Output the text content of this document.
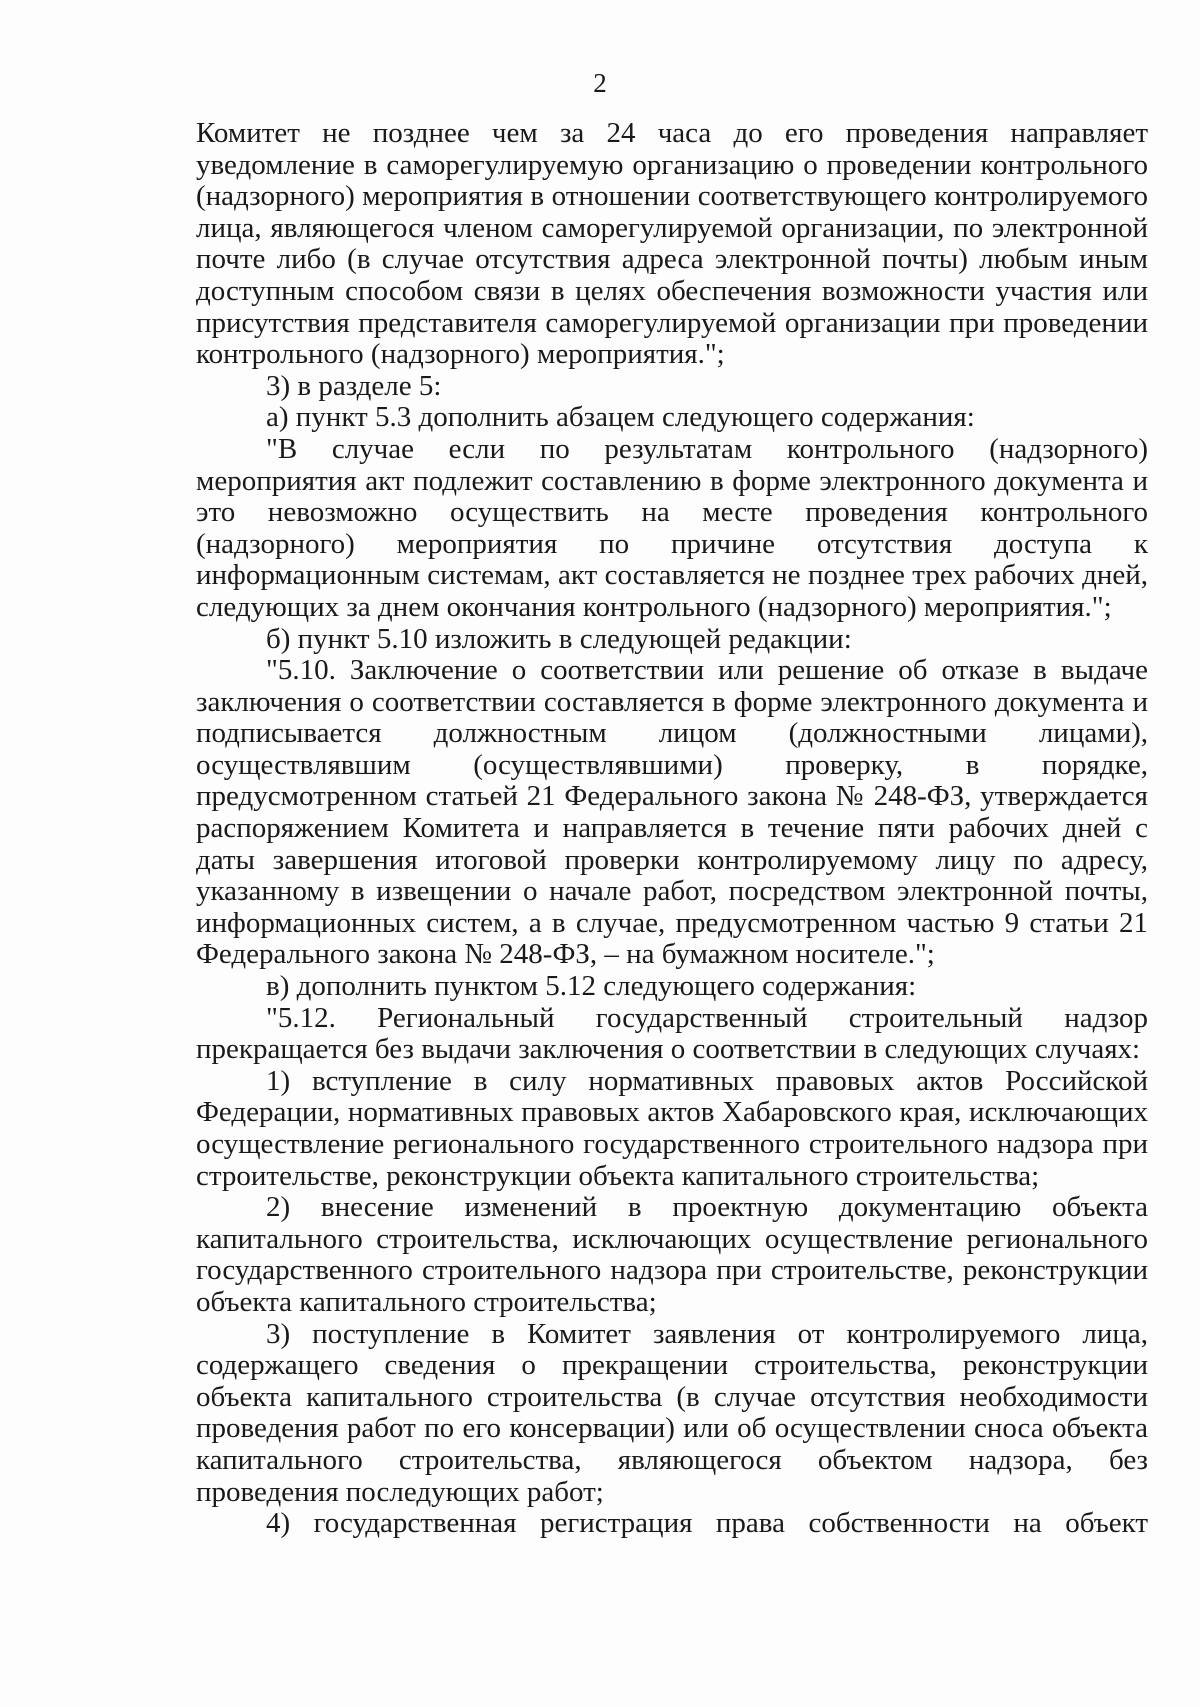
2

Комитет не позднее чем за 24 часа до его проведения направляет уведомление в саморегулируемую организацию о проведении контрольного (надзорного) мероприятия в отношении соответствующего контролируемого лица, являющегося членом саморегулируемой организации, по электронной почте либо (в случае отсутствия адреса электронной почты) любым иным доступным способом связи в целях обеспечения возможности участия или присутствия представителя саморегулируемой организации при проведении контрольного (надзорного) мероприятия.";

3) в разделе 5:

а) пункт 5.3 дополнить абзацем следующего содержания:

"В случае если по результатам контрольного (надзорного) мероприятия акт подлежит составлению в форме электронного документа и это невозможно осуществить на месте проведения контрольного (надзорного) мероприятия по причине отсутствия доступа к информационным системам, акт составляется не позднее трех рабочих дней, следующих за днем окончания контрольного (надзорного) мероприятия.";

б) пункт 5.10 изложить в следующей редакции:

"5.10. Заключение о соответствии или решение об отказе в выдаче заключения о соответствии составляется в форме электронного документа и подписывается должностным лицом (должностными лицами), осуществлявшим (осуществлявшими) проверку, в порядке, предусмотренном статьей 21 Федерального закона № 248-ФЗ, утверждается распоряжением Комитета и направляется в течение пяти рабочих дней с даты завершения итоговой проверки контролируемому лицу по адресу, указанному в извещении о начале работ, посредством электронной почты, информационных систем, а в случае, предусмотренном частью 9 статьи 21 Федерального закона № 248-ФЗ, – на бумажном носителе.";

в) дополнить пунктом 5.12 следующего содержания:

"5.12. Региональный государственный строительный надзор прекращается без выдачи заключения о соответствии в следующих случаях:

1) вступление в силу нормативных правовых актов Российской Федерации, нормативных правовых актов Хабаровского края, исключающих осуществление регионального государственного строительного надзора при строительстве, реконструкции объекта капитального строительства;

2) внесение изменений в проектную документацию объекта капитального строительства, исключающих осуществление регионального государственного строительного надзора при строительстве, реконструкции объекта капитального строительства;

3) поступление в Комитет заявления от контролируемого лица, содержащего сведения о прекращении строительства, реконструкции объекта капитального строительства (в случае отсутствия необходимости проведения работ по его консервации) или об осуществлении сноса объекта капитального строительства, являющегося объектом надзора, без проведения последующих работ;

4) государственная регистрация права собственности на объект
